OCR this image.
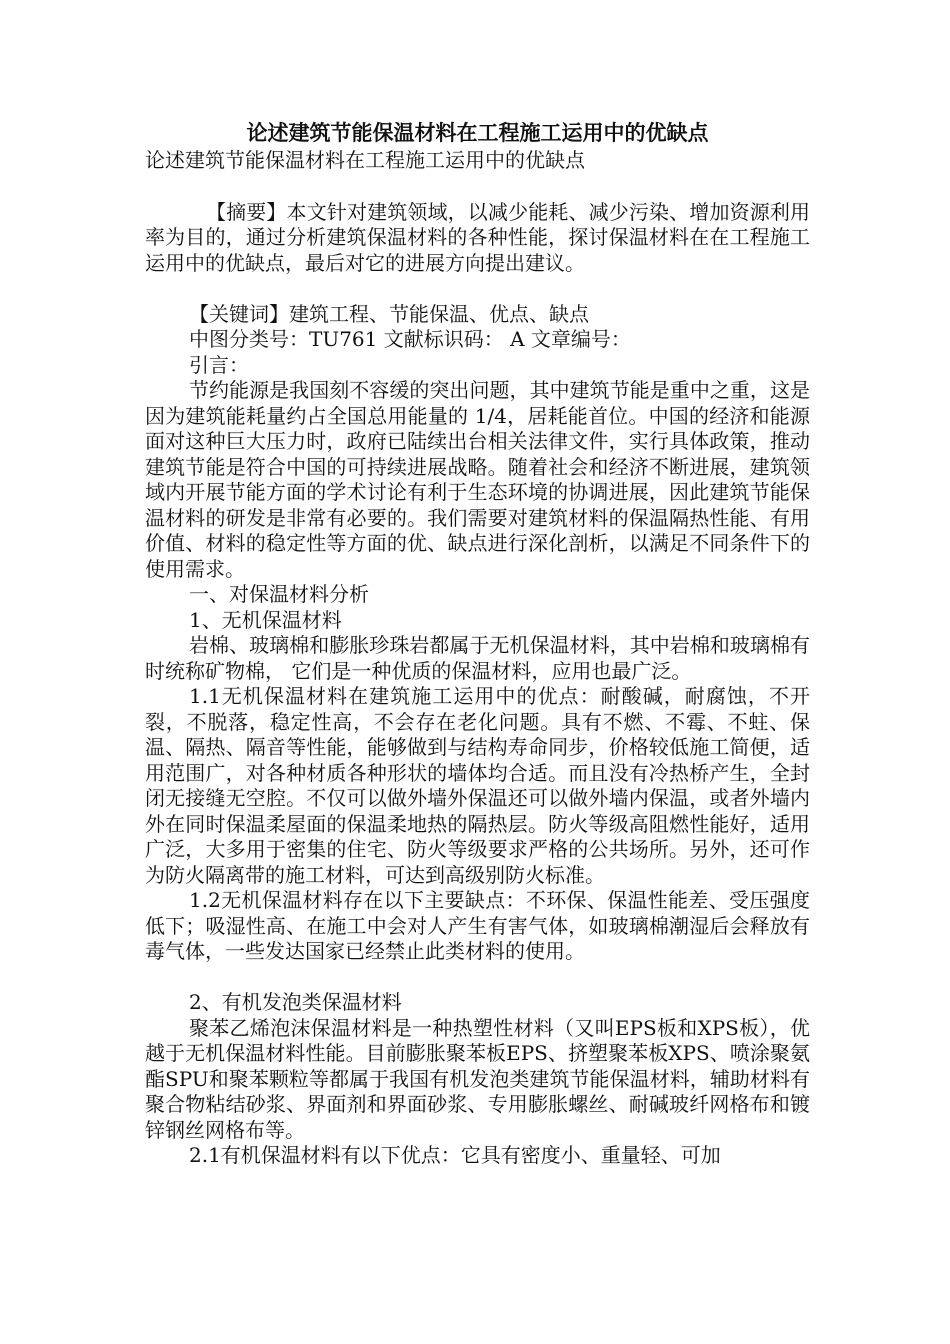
论述建筑节能保温材料在工程施工运用中的优缺点

论述建筑节能保温材料在工程施工运用中的优缺点

【摘要】本文针对建筑领域，以减少能耗、减少污染、增加资源利用率为目的，通过分析建筑保温材料的各种性能，探讨保温材料在在工程施工运用中的优缺点，最后对它的进展方向提出建议。

【关键词】建筑工程、节能保温、优点、缺点

中图分类号：TU761 文献标识码： A 文章编号：

引言：

节约能源是我国刻不容缓的突出问题，其中建筑节能是重中之重，这是因为建筑能耗量约占全国总用能量的 1/4，居耗能首位。中国的经济和能源面对这种巨大压力时，政府已陆续出台相关法律文件，实行具体政策，推动建筑节能是符合中国的可持续进展战略。随着社会和经济不断进展，建筑领域内开展节能方面的学术讨论有利于生态环境的协调进展，因此建筑节能保温材料的研发是非常有必要的。我们需要对建筑材料的保温隔热性能、有用价值、材料的稳定性等方面的优、缺点进行深化剖析，以满足不同条件下的使用需求。

一、对保温材料分析

1、无机保温材料

岩棉、玻璃棉和膨胀珍珠岩都属于无机保温材料，其中岩棉和玻璃棉有时统称矿物棉， 它们是一种优质的保温材料，应用也最广泛。

1.1无机保温材料在建筑施工运用中的优点：耐酸碱，耐腐蚀，不开裂，不脱落，稳定性高，不会存在老化问题。具有不燃、不霉、不蛀、保温、隔热、隔音等性能，能够做到与结构寿命同步，价格较低施工简便，适用范围广，对各种材质各种形状的墙体均合适。而且没有冷热桥产生，全封闭无接缝无空腔。不仅可以做外墙外保温还可以做外墙内保温，或者外墙内外在同时保温柔屋面的保温柔地热的隔热层。防火等级高阻燃性能好，适用广泛，大多用于密集的住宅、防火等级要求严格的公共场所。另外，还可作为防火隔离带的施工材料，可达到高级别防火标准。

1.2无机保温材料存在以下主要缺点：不环保、保温性能差、受压强度低下；吸湿性高、在施工中会对人产生有害气体，如玻璃棉潮湿后会释放有毒气体，一些发达国家已经禁止此类材料的使用。

2、有机发泡类保温材料

聚苯乙烯泡沫保温材料是一种热塑性材料（又叫EPS板和XPS板），优越于无机保温材料性能。目前膨胀聚苯板EPS、挤塑聚苯板XPS、喷涂聚氨酯SPU和聚苯颗粒等都属于我国有机发泡类建筑节能保温材料，辅助材料有聚合物粘结砂浆、界面剂和界面砂浆、专用膨胀螺丝、耐碱玻纤网格布和镀锌钢丝网格布等。

2.1有机保温材料有以下优点：它具有密度小、重量轻、可加
